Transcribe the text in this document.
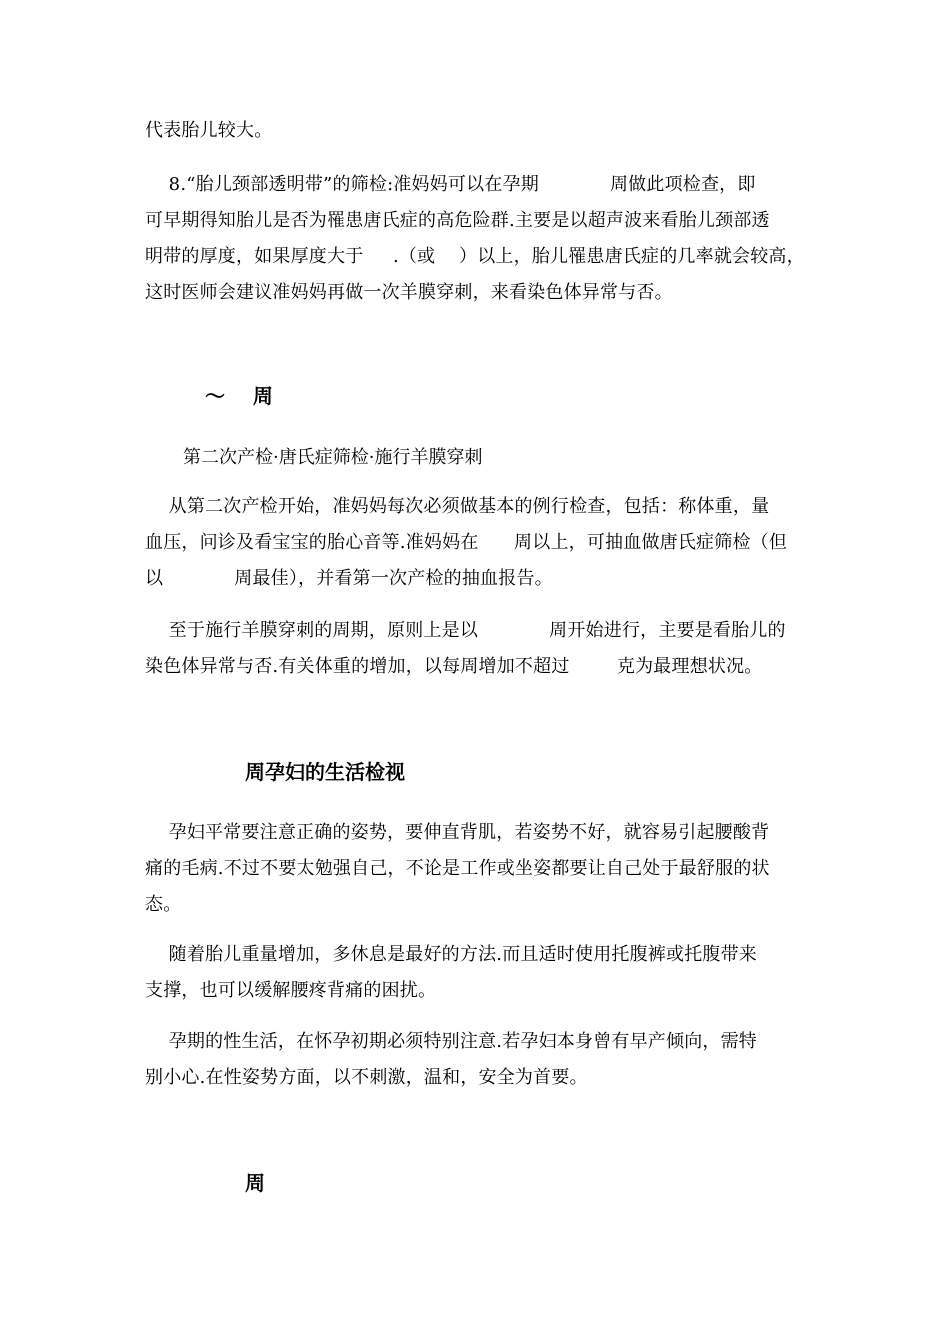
代表胎儿较大。

8.“胎儿颈部透明带”的筛检:准妈妈可以在孕期            周做此项检查，即
可早期得知胎儿是否为罹患唐氏症的高危险群.主要是以超声波来看胎儿颈部透
明带的厚度，如果厚度大于     .（或    ）以上，胎儿罹患唐氏症的几率就会较高，
这时医师会建议准妈妈再做一次羊膜穿刺，来看染色体异常与否。

～    周

第二次产检·唐氏症筛检·施行羊膜穿刺

从第二次产检开始，准妈妈每次必须做基本的例行检查，包括：称体重，量
血压，问诊及看宝宝的胎心音等.准妈妈在      周以上，可抽血做唐氏症筛检（但
以            周最佳），并看第一次产检的抽血报告。

至于施行羊膜穿刺的周期，原则上是以            周开始进行，主要是看胎儿的
染色体异常与否.有关体重的增加，以每周增加不超过        克为最理想状况。

周孕妇的生活检视

孕妇平常要注意正确的姿势，要伸直背肌，若姿势不好，就容易引起腰酸背
痛的毛病.不过不要太勉强自己，不论是工作或坐姿都要让自己处于最舒服的状
态。

随着胎儿重量增加，多休息是最好的方法.而且适时使用托腹裤或托腹带来
支撑，也可以缓解腰疼背痛的困扰。

孕期的性生活，在怀孕初期必须特别注意.若孕妇本身曾有早产倾向，需特
别小心.在性姿势方面，以不刺激，温和，安全为首要。

周
